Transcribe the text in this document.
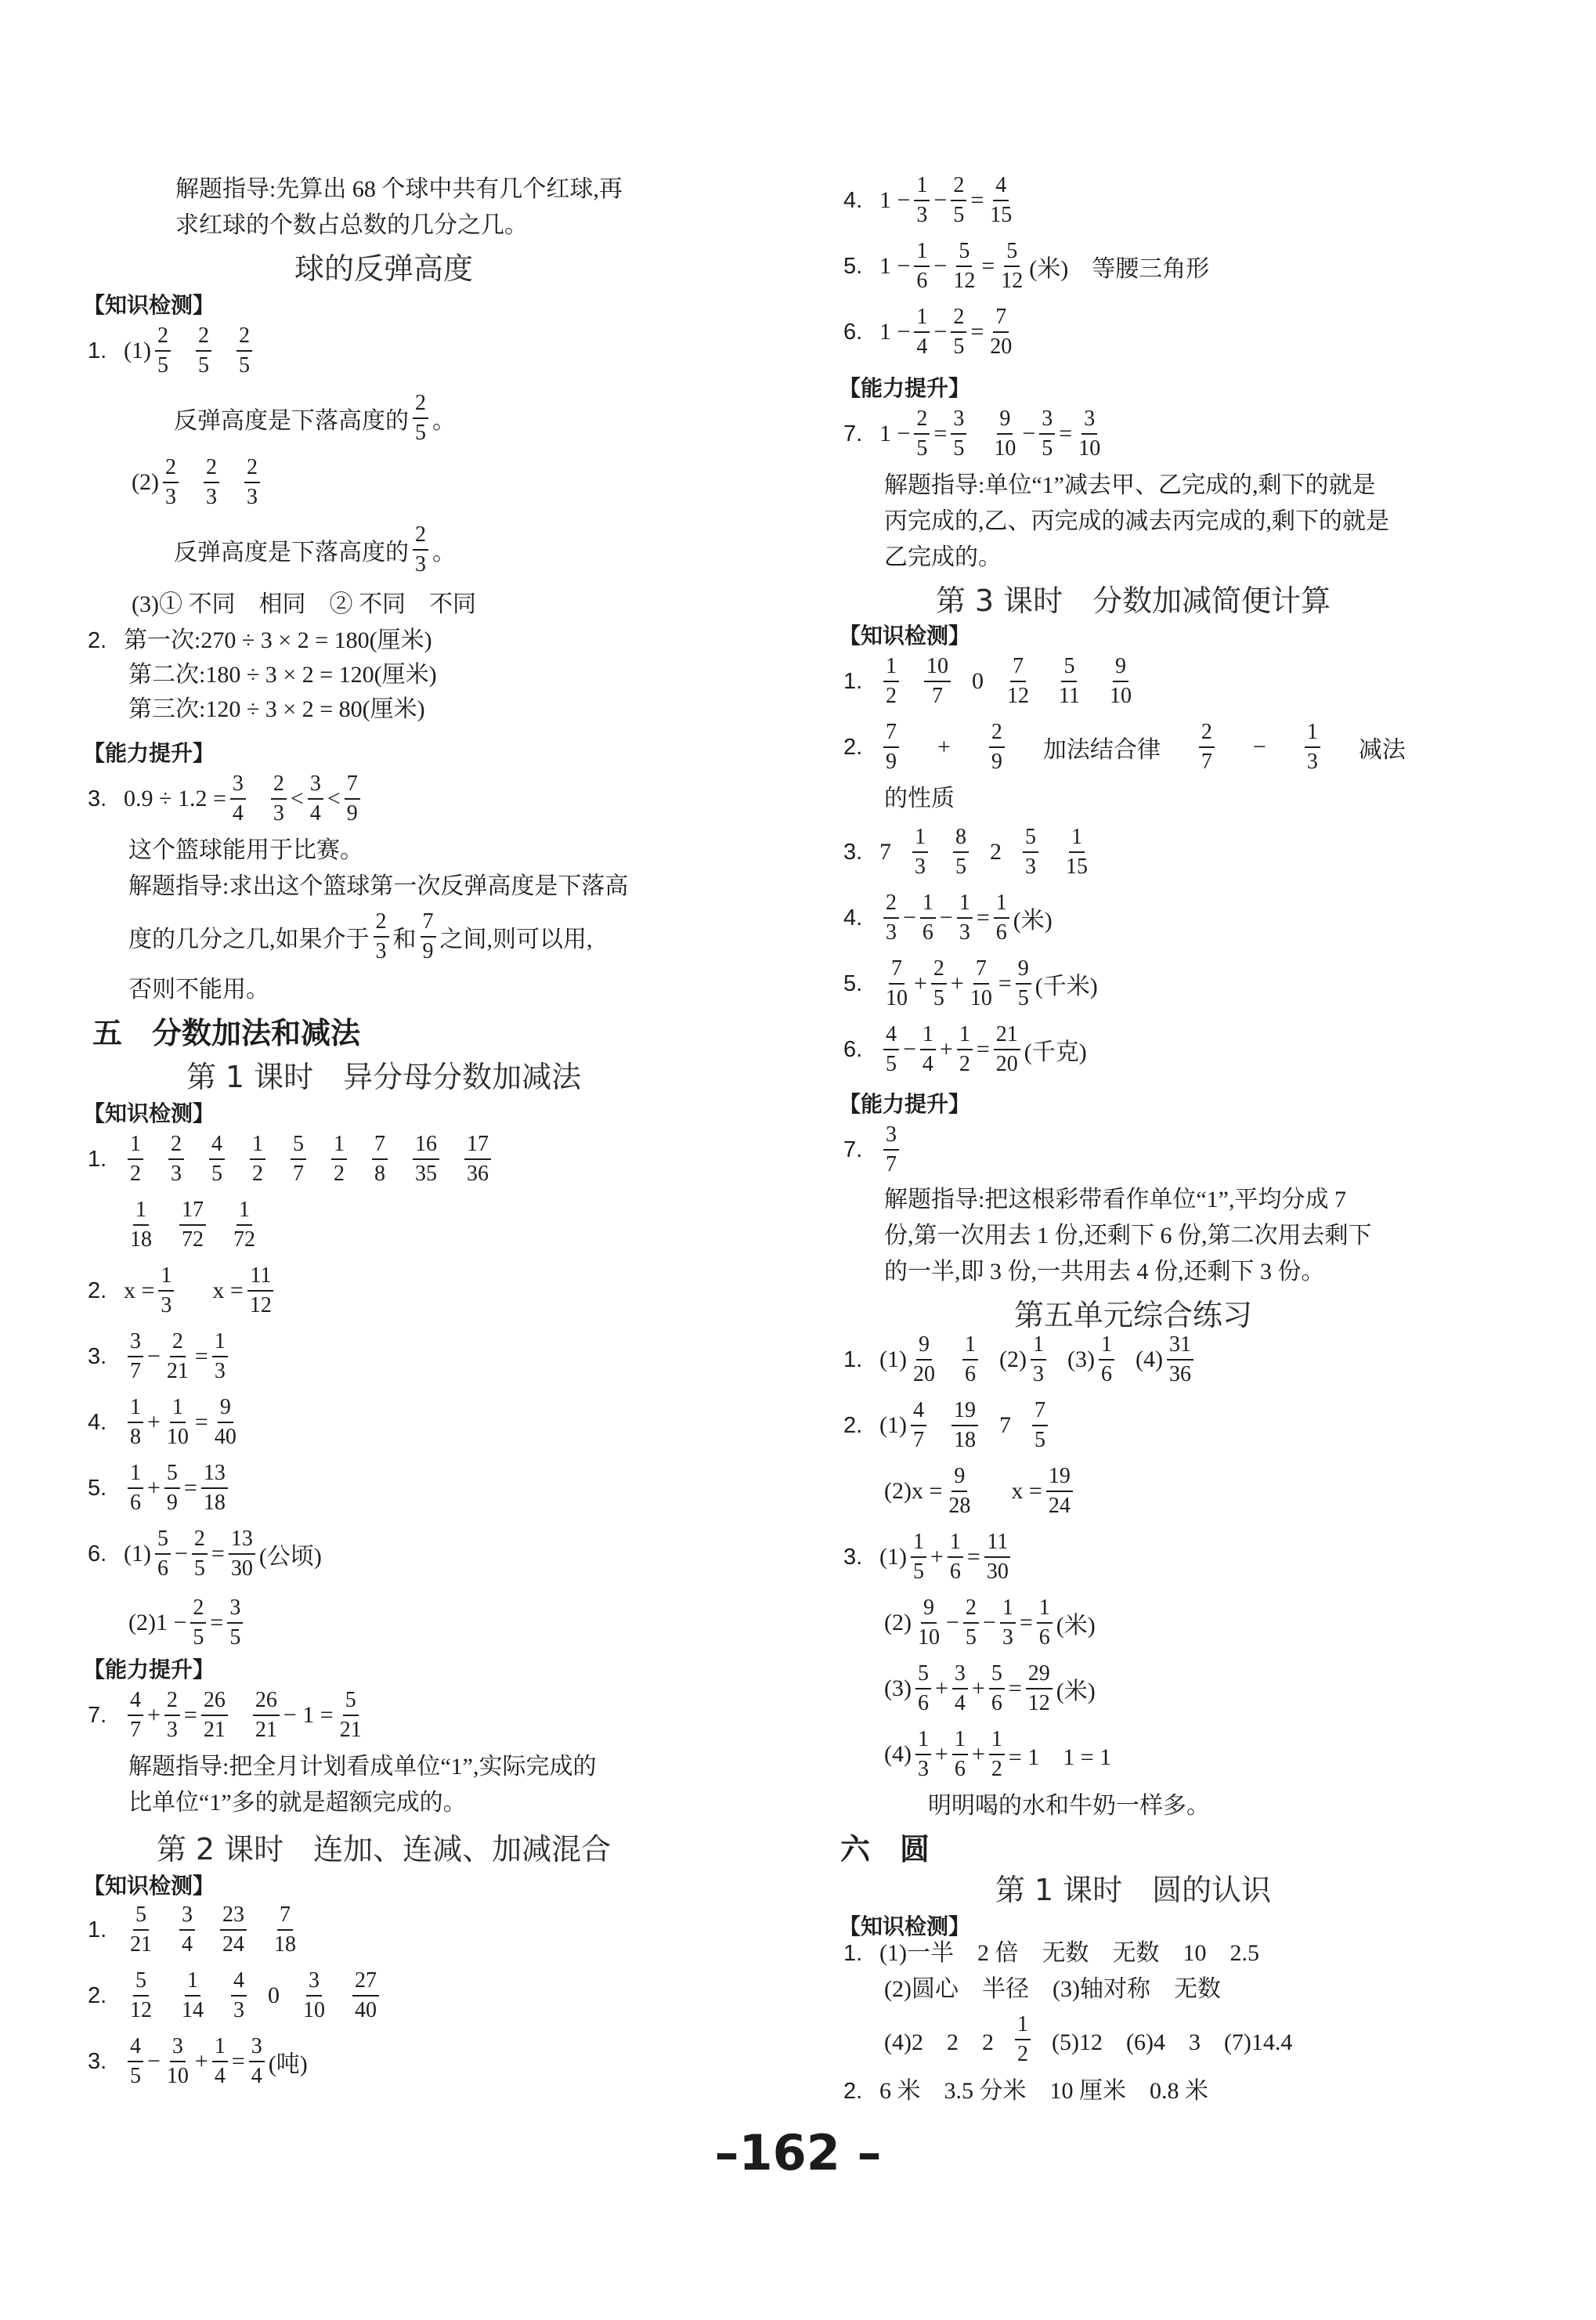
解题指导:先算出 68 个球中共有几个红球,再
求红球的个数占总数的几分之几。
球的反弹高度
【知识检测】
1. $(1) \frac{2}{5} \frac{2}{5} \frac{2}{5}$
反弹高度是下落高度的 $\frac{2}{5}$ 。
$(2) \frac{2}{3} \frac{2}{3} \frac{2}{3}$
反弹高度是下落高度的 $\frac{2}{3}$ 。
(3)① 不同　相同　② 不同　不同
2. 第一次:270 ÷ 3 × 2 = 180(厘米)
第二次:180 ÷ 3 × 2 = 120(厘米)
第三次:120 ÷ 3 × 2 = 80(厘米)
【能力提升】
3. $0.9 \div 1.2 = \frac{3}{4} \frac{2}{3} < \frac{3}{4} < \frac{7}{9}$
这个篮球能用于比赛。
解题指导:求出这个篮球第一次反弹高度是下落高
度的几分之几,如果介于 $\frac{2}{3}$ 和 $\frac{7}{9}$ 之间,则可以用,
否则不能用。
五　分数加法和减法
第 1 课时　异分母分数加减法
【知识检测】
1. $\frac{1}{2} \frac{2}{3} \frac{4}{5} \frac{1}{2} \frac{5}{7} \frac{1}{2} \frac{7}{8} \frac{16}{35} \frac{17}{36}$
$\frac{1}{18} \frac{17}{72} \frac{1}{72}$
2. $x = \frac{1}{3}$ $x = \frac{11}{12}$
3. $\frac{3}{7} - \frac{2}{21} = \frac{1}{3}$
4. $\frac{1}{8} + \frac{1}{10} = \frac{9}{40}$
5. $\frac{1}{6} + \frac{5}{9} = \frac{13}{18}$
6. $(1) \frac{5}{6} - \frac{2}{5} = \frac{13}{30}$ (公顷)
$(2)1 - \frac{2}{5} = \frac{3}{5}$
【能力提升】
7. $\frac{4}{7} + \frac{2}{3} = \frac{26}{21} \frac{26}{21} - 1 = \frac{5}{21}$
解题指导:把全月计划看成单位“1”,实际完成的
比单位“1”多的就是超额完成的。
第 2 课时　连加、连减、加减混合
【知识检测】
1. $\frac{5}{21} \frac{3}{4} \frac{23}{24} \frac{7}{18}$
2. $\frac{5}{12} \frac{1}{14} \frac{4}{3} 0 \frac{3}{10} \frac{27}{40}$
3. $\frac{4}{5} - \frac{3}{10} + \frac{1}{4} = \frac{3}{4}$ (吨)
4. $1 - \frac{1}{3} - \frac{2}{5} = \frac{4}{15}$
5. $1 - \frac{1}{6} - \frac{5}{12} = \frac{5}{12}$ (米)　等腰三角形
6. $1 - \frac{1}{4} - \frac{2}{5} = \frac{7}{20}$
【能力提升】
7. $1 - \frac{2}{5} = \frac{3}{5} \frac{9}{10} - \frac{3}{5} = \frac{3}{10}$
解题指导:单位“1”减去甲、乙完成的,剩下的就是
丙完成的,乙、丙完成的减去丙完成的,剩下的就是
乙完成的。
第 3 课时　分数加减简便计算
【知识检测】
1. $\frac{1}{2} \frac{10}{7} 0 \frac{7}{12} \frac{5}{11} \frac{9}{10}$
2. $\frac{7}{9} + \frac{2}{9}$ 加法结合律 $\frac{2}{7} - \frac{1}{3}$ 减法
的性质
3. $7 \frac{1}{3} \frac{8}{5} 2 \frac{5}{3} \frac{1}{15}$
4. $\frac{2}{3} - \frac{1}{6} - \frac{1}{3} = \frac{1}{6}$ (米)
5. $\frac{7}{10} + \frac{2}{5} + \frac{7}{10} = \frac{9}{5}$ (千米)
6. $\frac{4}{5} - \frac{1}{4} + \frac{1}{2} = \frac{21}{20}$ (千克)
【能力提升】
7. $\frac{3}{7}$
解题指导:把这根彩带看作单位“1”,平均分成 7
份,第一次用去 1 份,还剩下 6 份,第二次用去剩下
的一半,即 3 份,一共用去 4 份,还剩下 3 份。
第五单元综合练习
1. $(1) \frac{9}{20} \frac{1}{6} (2) \frac{1}{3} (3) \frac{1}{6} (4) \frac{31}{36}$
2. $(1) \frac{4}{7} \frac{19}{18} 7 \frac{7}{5}$
(2) $x = \frac{9}{28}$ $x = \frac{19}{24}$
3. $(1) \frac{1}{5} + \frac{1}{6} = \frac{11}{30}$
$(2) \frac{9}{10} - \frac{2}{5} - \frac{1}{3} = \frac{1}{6}$ (米)
$(3) \frac{5}{6} + \frac{3}{4} + \frac{5}{6} = \frac{29}{12}$ (米)
$(4) \frac{1}{3} + \frac{1}{6} + \frac{1}{2} = 1$　1 = 1
明明喝的水和牛奶一样多。
六　圆
第 1 课时　圆的认识
【知识检测】
1. (1)一半　2 倍　无数　无数　10　2.5
(2)圆心　半径　(3)轴对称　无数
(4)2　2　$2 \frac{1}{2} (5)12$　(6)4　3　(7)14.4
2. 6 米　3.5 分米　10 厘米　0.8 米
–162 –
